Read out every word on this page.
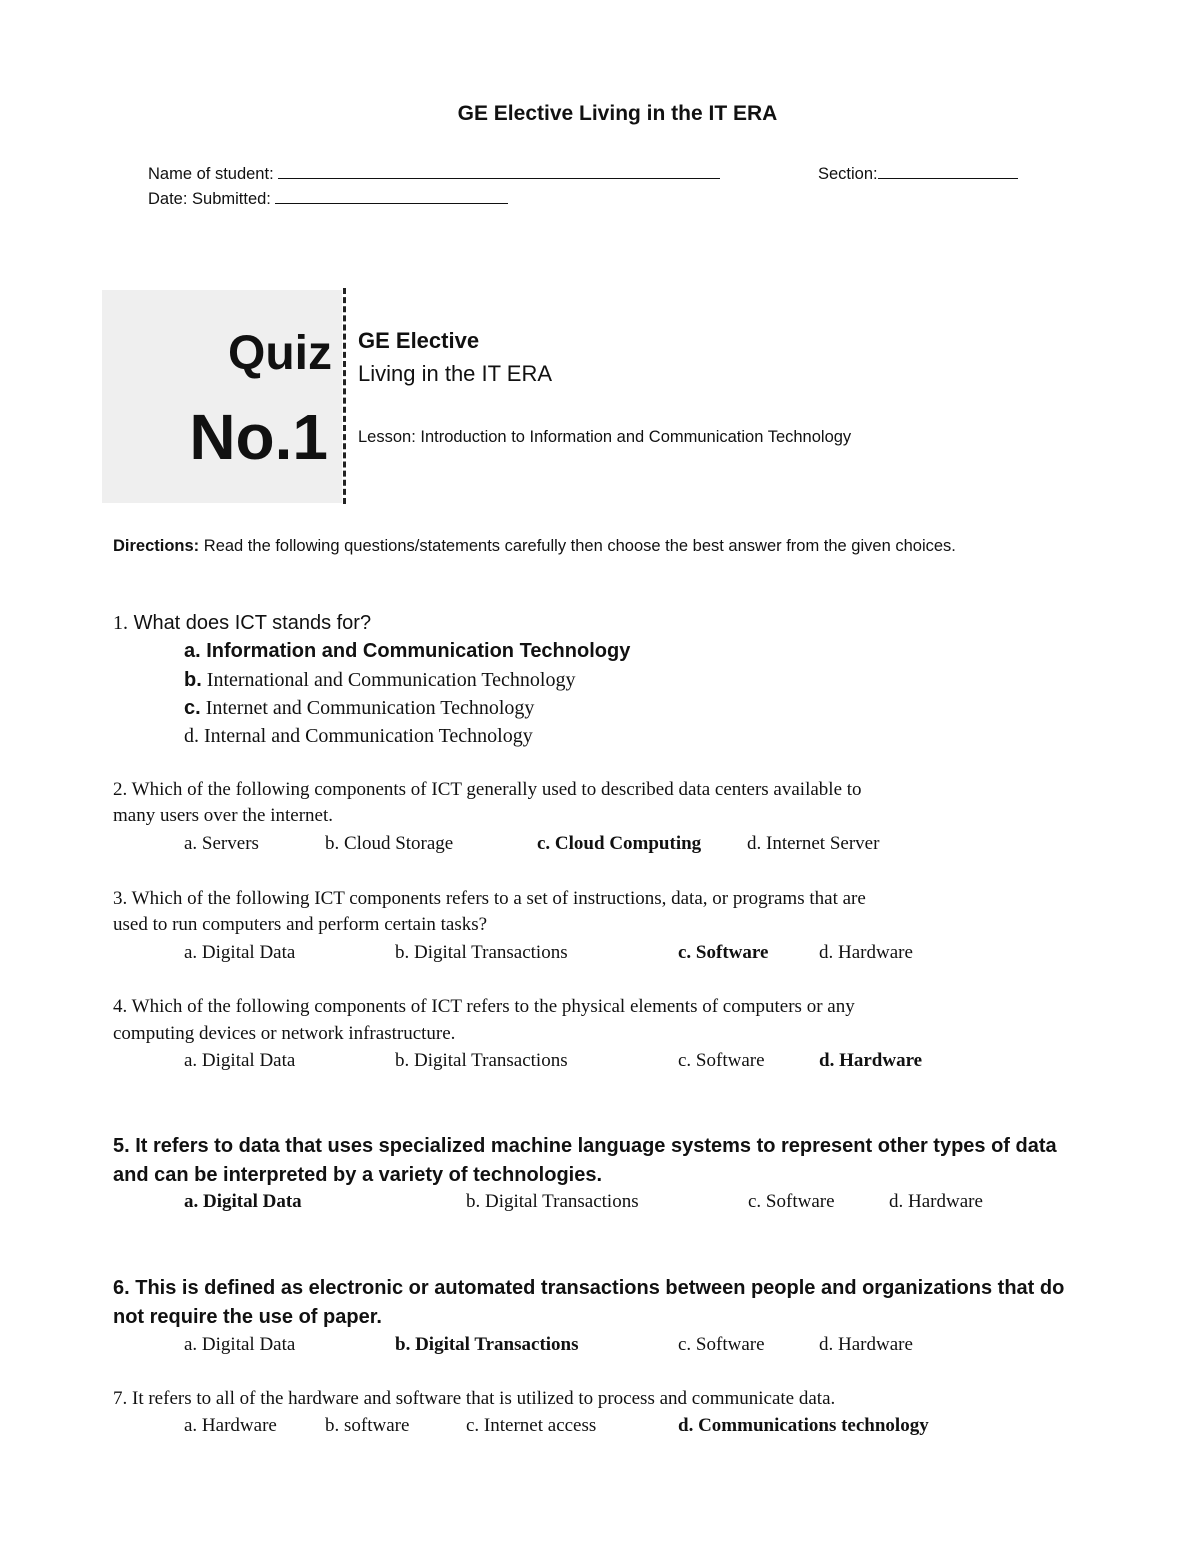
GE Elective Living in the IT ERA
Name of student:	Section:
Date: Submitted:
Quiz
No.1
GE Elective
Living in the IT ERA
Lesson: Introduction to Information and Communication Technology
Directions: Read the following questions/statements carefully then choose the best answer from the given choices.
1. What does ICT stands for?
a. Information and Communication Technology
b. International and Communication Technology
c. Internet and Communication Technology
d. Internal and Communication Technology
2. Which of the following components of ICT generally used to described data centers available to
many users over the internet.
a. Servers	b. Cloud Storage	c. Cloud Computing d. Internet Server
3. Which of the following ICT components refers to a set of instructions, data, or programs that are
used to run computers and perform certain tasks?
a. Digital Data	b. Digital Transactions	c. Software	d. Hardware
4. Which of the following components of ICT refers to the physical elements of computers or any
computing devices or network infrastructure.
a. Digital Data	b. Digital Transactions	c. Software	d. Hardware
5. It refers to data that uses specialized machine language systems to represent other types of data
and can be interpreted by a variety of technologies.
a. Digital Data	b. Digital Transactions	c. Software	d. Hardware
6. This is defined as electronic or automated transactions between people and organizations that do
not require the use of paper.
a. Digital Data	b. Digital Transactions	c. Software	d. Hardware
7. It refers to all of the hardware and software that is utilized to process and communicate data.
a. Hardware	b. software	c. Internet access	d. Communications technology
